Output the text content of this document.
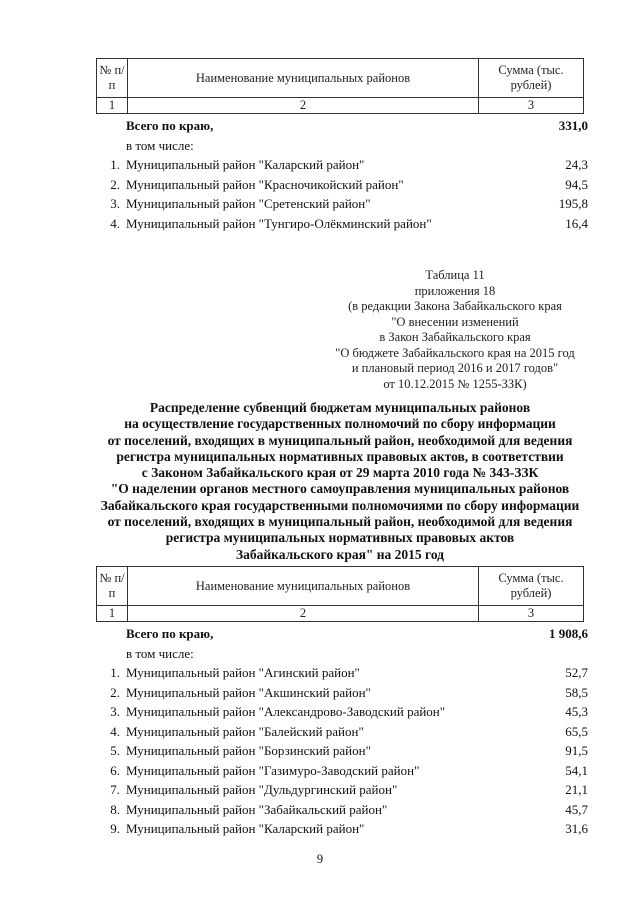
№ п/п	Наименование муниципальных районов	Сумма (тыс. рублей)
1	2	3
Всего по краю,	331,0
в том числе:
1. Муниципальный район "Каларский район"	24,3
2. Муниципальный район "Красночикойский район"	94,5
3. Муниципальный район "Сретенский район"	195,8
4. Муниципальный район "Тунгиро-Олёкминский район"	16,4
Таблица 11
приложения 18
(в редакции Закона Забайкальского края
"О внесении изменений
в Закон Забайкальского края
"О бюджете Забайкальского края на 2015 год
и плановый период 2016 и 2017 годов"
от 10.12.2015 № 1255-ЗЗК)
Распределение субвенций бюджетам муниципальных районов
на осуществление государственных полномочий по сбору информации
от поселений, входящих в муниципальный район, необходимой для ведения
регистра муниципальных нормативных правовых актов, в соответствии
с Законом Забайкальского края от 29 марта 2010 года № 343-ЗЗК
"О наделении органов местного самоуправления муниципальных районов
Забайкальского края государственными полномочиями по сбору информации
от поселений, входящих в муниципальный район, необходимой для ведения
регистра муниципальных нормативных правовых актов
Забайкальского края" на 2015 год
№ п/п	Наименование муниципальных районов	Сумма (тыс. рублей)
1	2	3
Всего по краю,	1 908,6
в том числе:
1. Муниципальный район "Агинский район"	52,7
2. Муниципальный район "Акшинский район"	58,5
3. Муниципальный район "Александрово-Заводский район"	45,3
4. Муниципальный район "Балейский район"	65,5
5. Муниципальный район "Борзинский район"	91,5
6. Муниципальный район "Газимуро-Заводский район"	54,1
7. Муниципальный район "Дульдургинский район"	21,1
8. Муниципальный район "Забайкальский район"	45,7
9. Муниципальный район "Каларский район"	31,6
9
